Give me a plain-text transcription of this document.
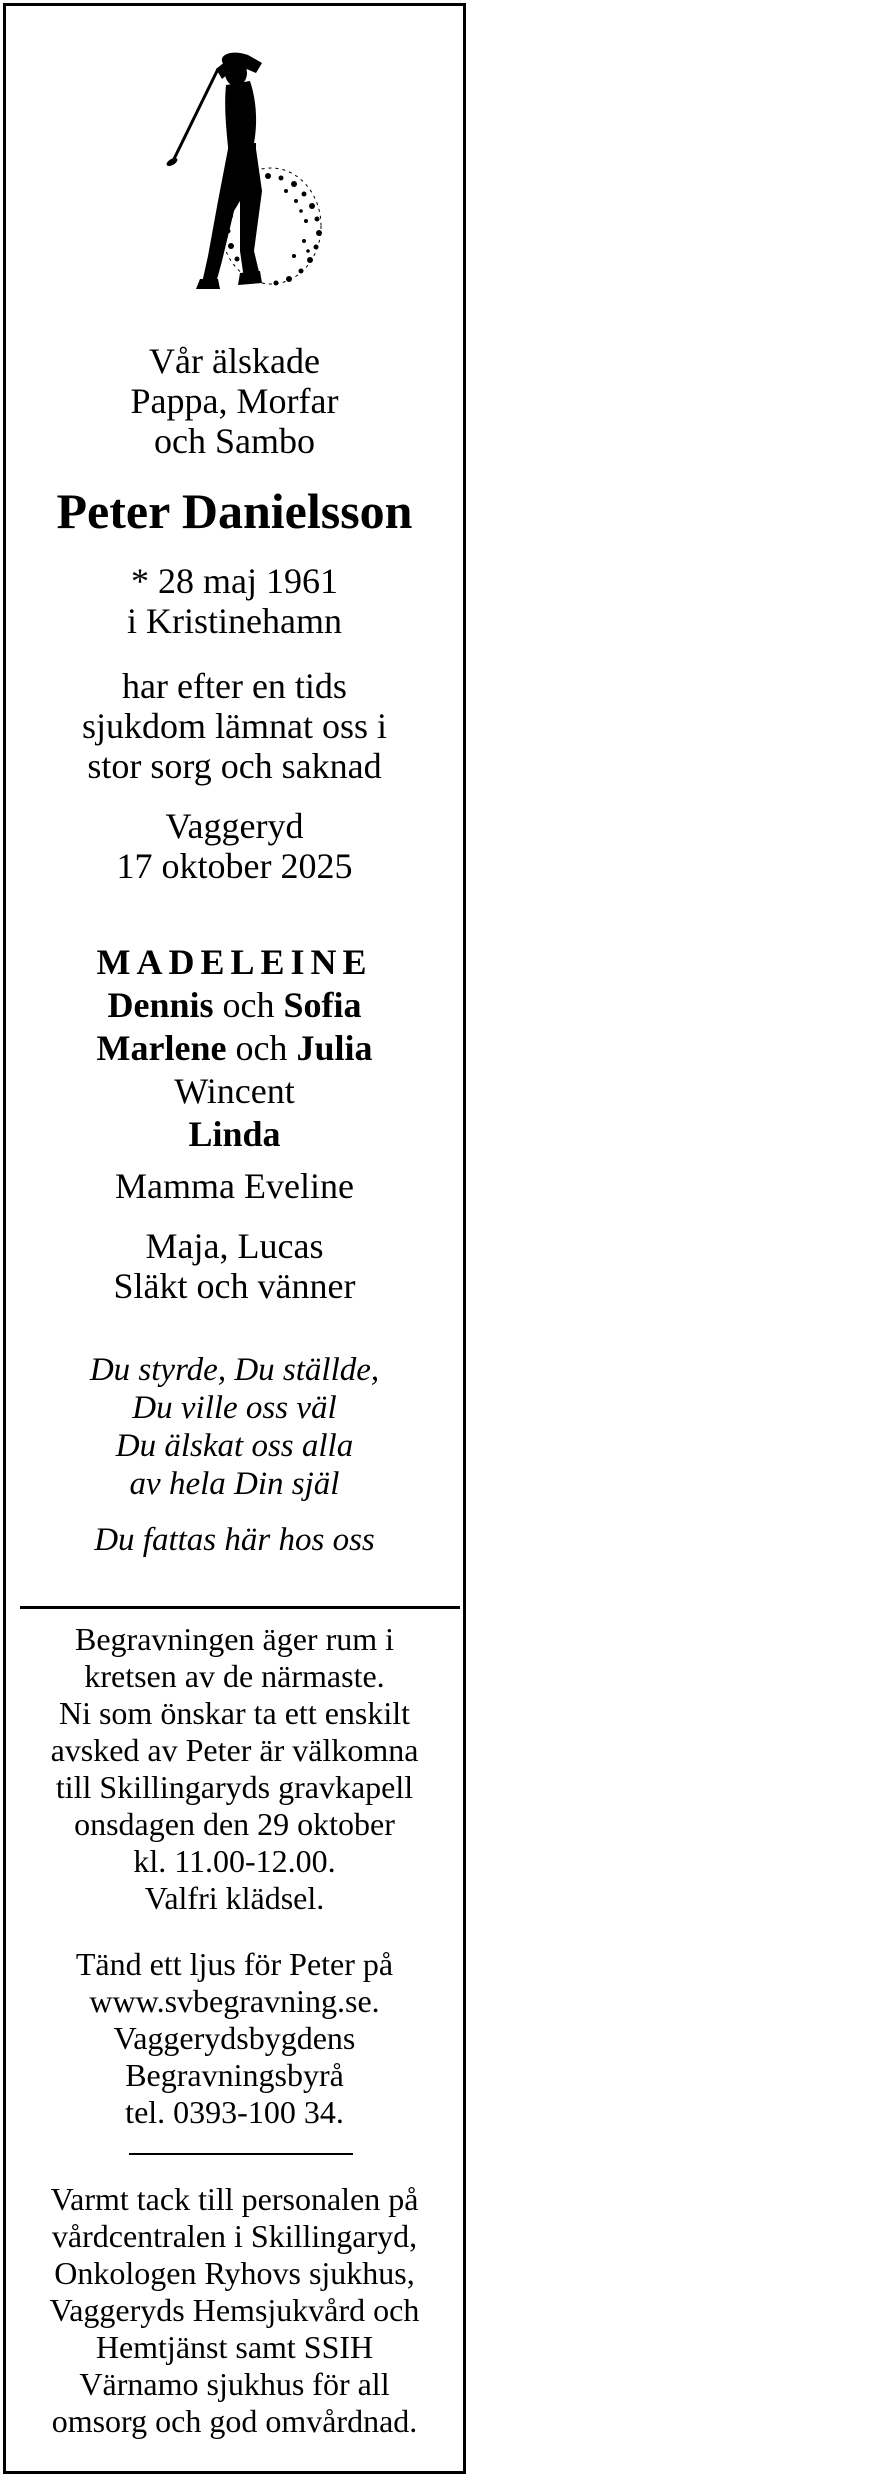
Vår älskade
Pappa, Morfar
och Sambo
Peter Danielsson
* 28 maj 1961
i Kristinehamn
har efter en tids
sjukdom lämnat oss i
stor sorg och saknad
Vaggeryd
17 oktober 2025
MADELEINE
Dennis och Sofia
Marlene och Julia
Wincent
Linda
Mamma Eveline
Maja, Lucas
Släkt och vänner
Du styrde, Du ställde,
Du ville oss väl
Du älskat oss alla
av hela Din själ
Du fattas här hos oss
Begravningen äger rum i
kretsen av de närmaste.
Ni som önskar ta ett enskilt
avsked av Peter är välkomna
till Skillingaryds gravkapell
onsdagen den 29 oktober
kl. 11.00-12.00.
Valfri klädsel.
Tänd ett ljus för Peter på
www.svbegravning.se.
Vaggerydsbygdens
Begravningsbyrå
tel. 0393-100 34.
Varmt tack till personalen på
vårdcentralen i Skillingaryd,
Onkologen Ryhovs sjukhus,
Vaggeryds Hemsjukvård och
Hemtjänst samt SSIH
Värnamo sjukhus för all
omsorg och god omvårdnad.
